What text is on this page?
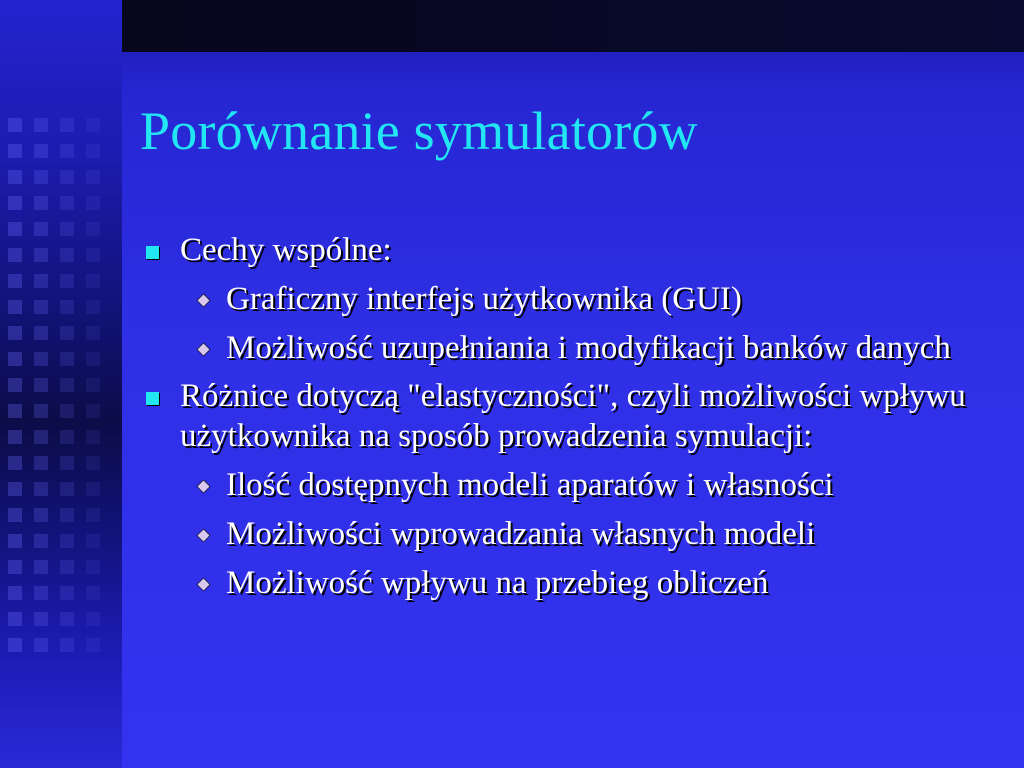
Porównanie symulatorów
Cechy wspólne:
Graficzny interfejs użytkownika (GUI)
Możliwość uzupełniania i modyfikacji banków danych
Różnice dotyczą "elastyczności", czyli możliwości wpływu użytkownika na sposób prowadzenia symulacji:
Ilość dostępnych modeli aparatów i własności
Możliwości wprowadzania własnych modeli
Możliwość wpływu na przebieg obliczeń
